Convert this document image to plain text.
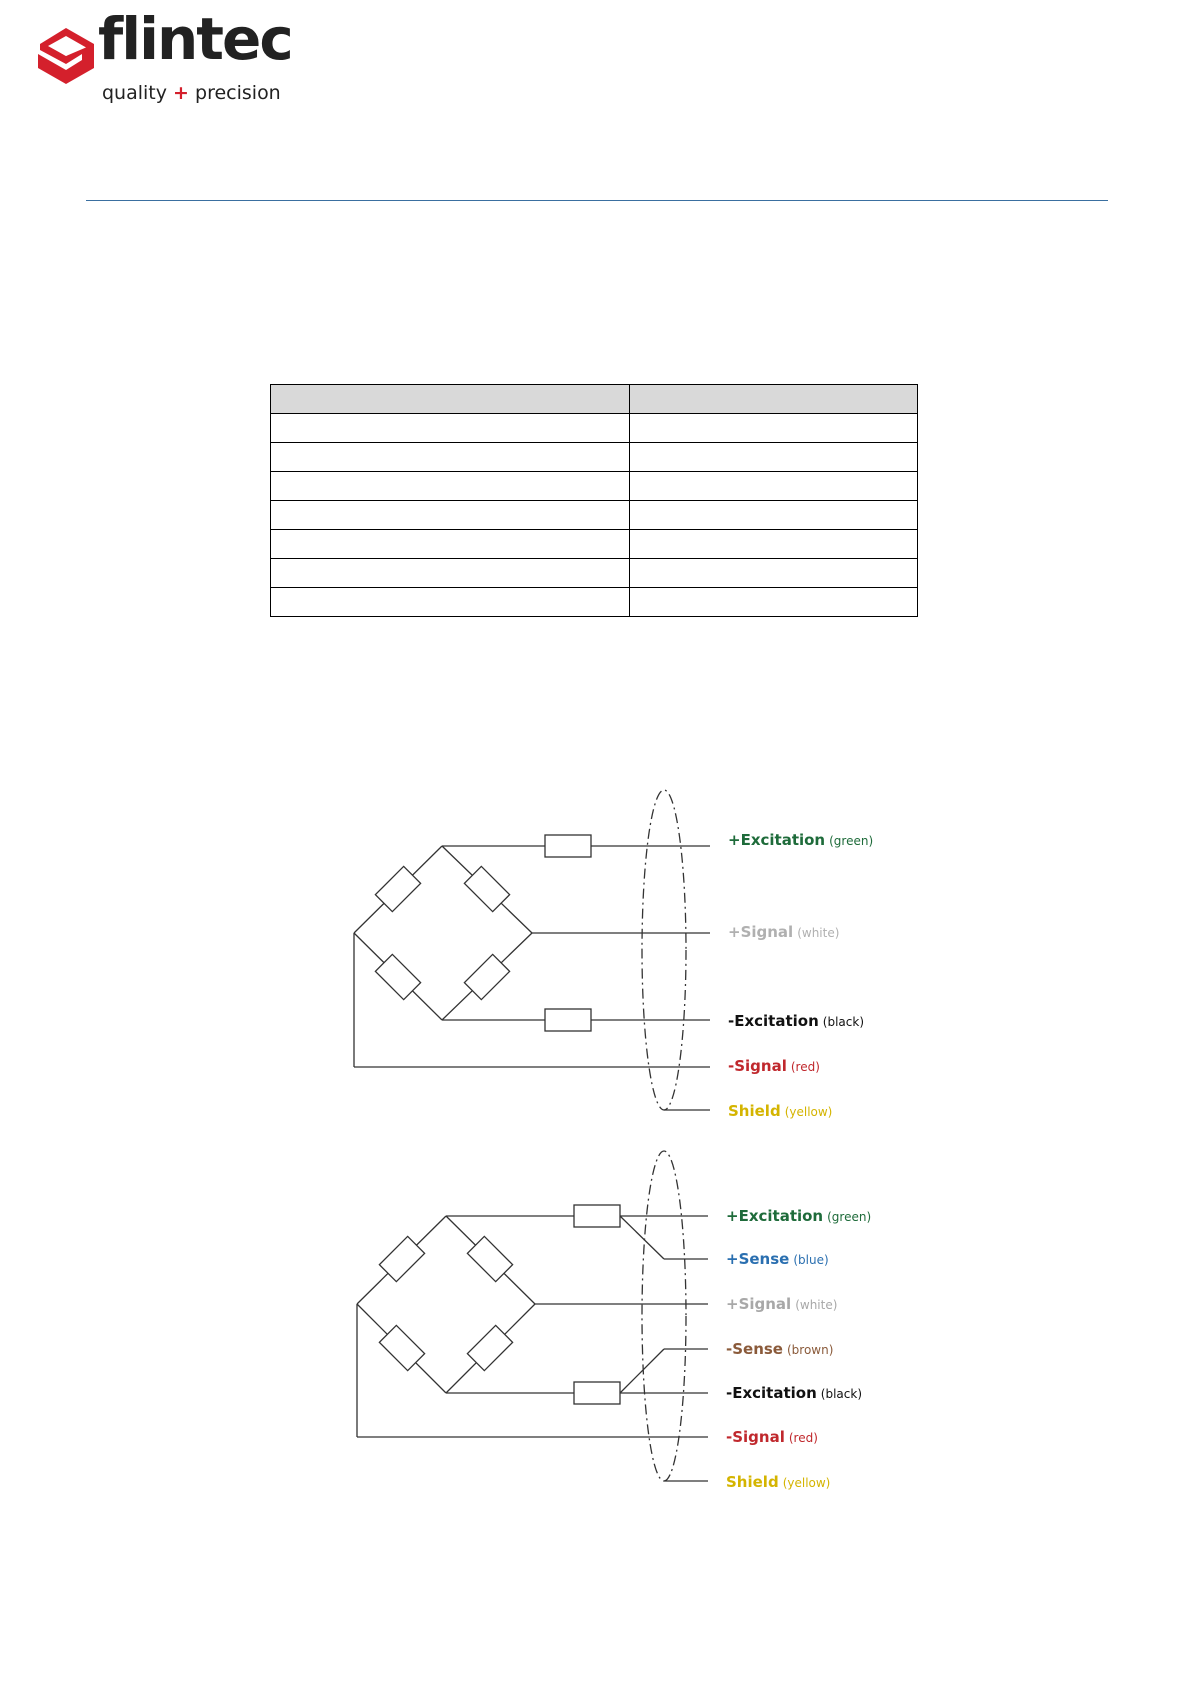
flintec
quality + precision

+Excitation (green)
+Signal (white)
-Excitation (black)
-Signal (red)
Shield (yellow)
+Excitation (green)
+Sense (blue)
+Signal (white)
-Sense (brown)
-Excitation (black)
-Signal (red)
Shield (yellow)
